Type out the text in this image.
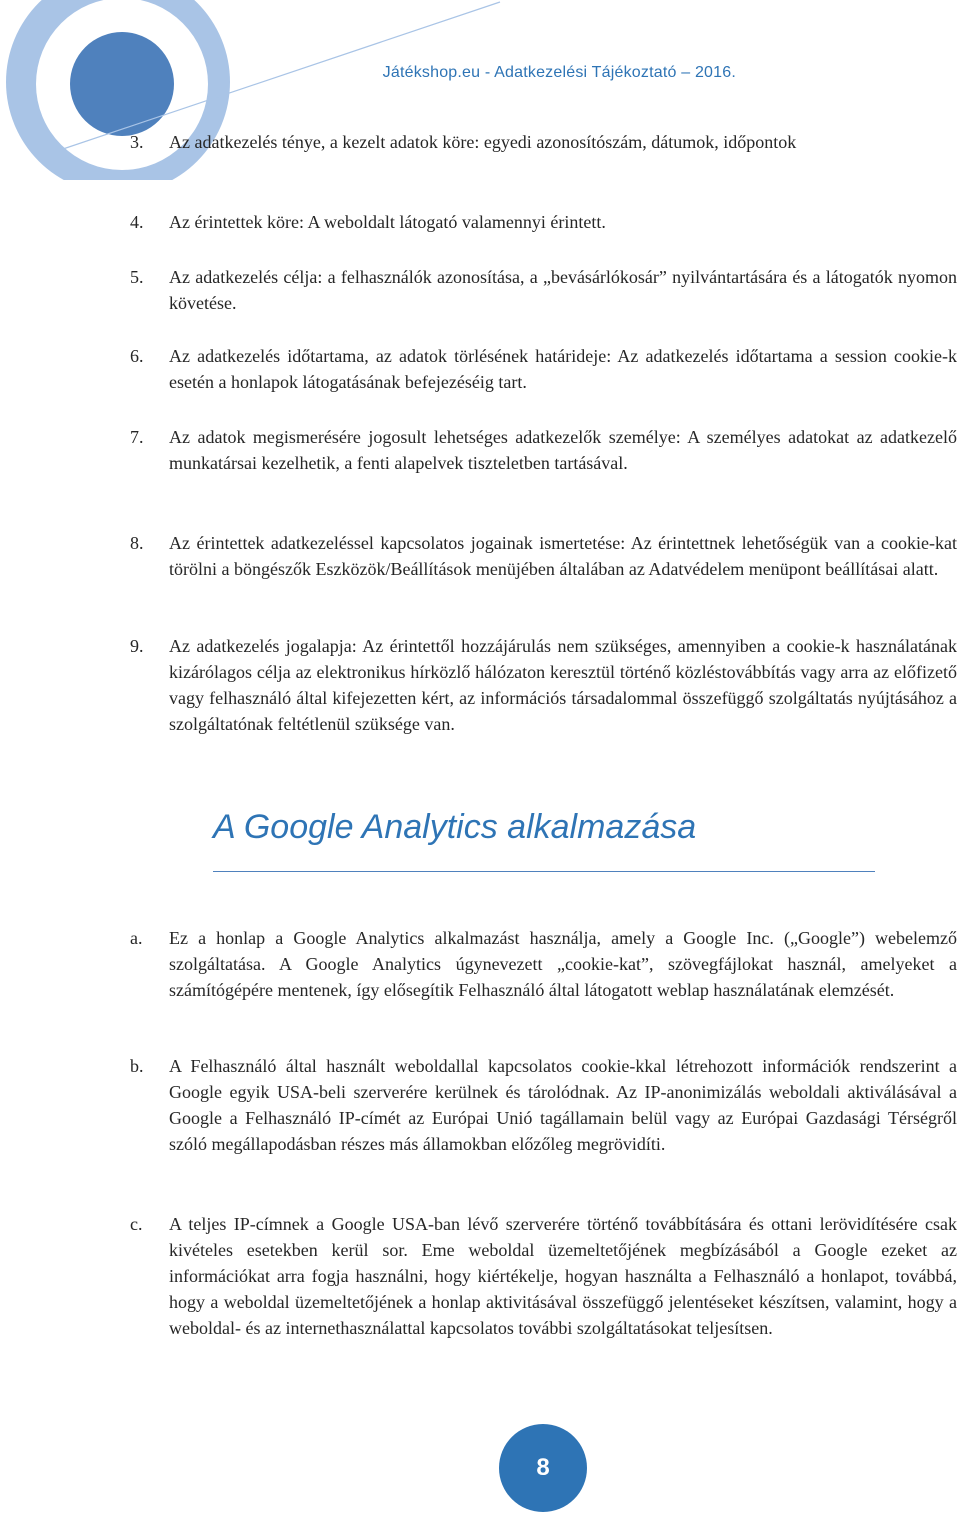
Játékshop.eu - Adatkezelési Tájékoztató – 2016.
3.	Az adatkezelés ténye, a kezelt adatok köre: egyedi azonosítószám, dátumok, időpontok
4.	Az érintettek köre: A weboldalt látogató valamennyi érintett.
5.	Az adatkezelés célja: a felhasználók azonosítása, a „bevásárlókosár” nyilvántartására és a látogatók nyomon követése.
6.	Az adatkezelés időtartama, az adatok törlésének határideje: Az adatkezelés időtartama a session cookie-k esetén a honlapok látogatásának befejezéséig tart.
7.	Az adatok megismerésére jogosult lehetséges adatkezelők személye: A személyes adatokat az adatkezelő munkatársai kezelhetik, a fenti alapelvek tiszteletben tartásával.
8.	Az érintettek adatkezeléssel kapcsolatos jogainak ismertetése: Az érintettnek lehetőségük van a cookie-kat törölni a böngészők Eszközök/Beállítások menüjében általában az Adatvédelem menüpont beállításai alatt.
9.	Az adatkezelés jogalapja: Az érintettől hozzájárulás nem szükséges, amennyiben a cookie-k használatának kizárólagos célja az elektronikus hírközlő hálózaton keresztül történő közléstovábbítás vagy arra az előfizető vagy felhasználó által kifejezetten kért, az információs társadalommal összefüggő szolgáltatás nyújtásához a szolgáltatónak feltétlenül szüksége van.
A Google Analytics alkalmazása
a.	Ez a honlap a Google Analytics alkalmazást használja, amely a Google Inc. („Google”) webelemző szolgáltatása. A Google Analytics úgynevezett „cookie-kat”, szövegfájlokat használ, amelyeket a számítógépére mentenek, így elősegítik Felhasználó által látogatott weblap használatának elemzését.
b.	A Felhasználó által használt weboldallal kapcsolatos cookie-kkal létrehozott információk rendszerint a Google egyik USA-beli szerverére kerülnek és tárolódnak. Az IP-anonimizálás weboldali aktiválásával a Google a Felhasználó IP-címét az Európai Unió tagállamain belül vagy az Európai Gazdasági Térségről szóló megállapodásban részes más államokban előzőleg megrövidíti.
c.	A teljes IP-címnek a Google USA-ban lévő szerverére történő továbbítására és ottani lerövidítésére csak kivételes esetekben kerül sor. Eme weboldal üzemeltetőjének megbízásából a Google ezeket az információkat arra fogja használni, hogy kiértékelje, hogyan használta a Felhasználó a honlapot, továbbá, hogy a weboldal üzemeltetőjének a honlap aktivitásával összefüggő jelentéseket készítsen, valamint, hogy a weboldal- és az internethasználattal kapcsolatos további szolgáltatásokat teljesítsen.
8
